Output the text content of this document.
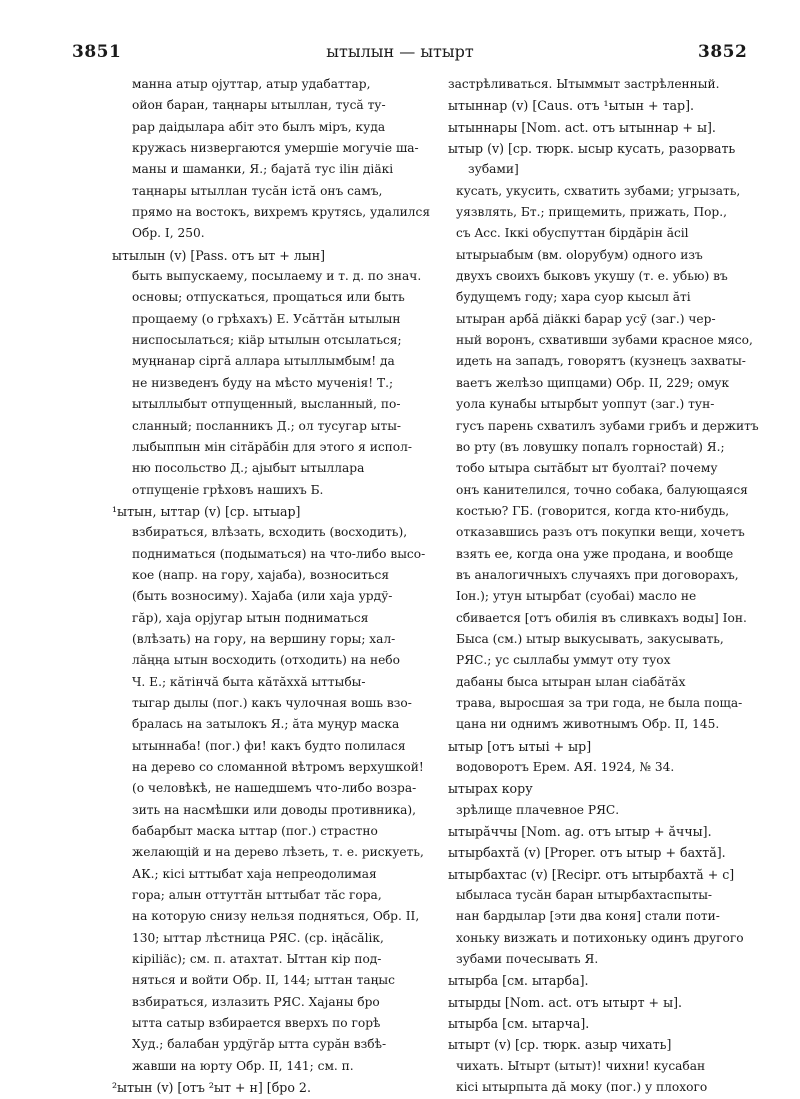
3851	ытылын — ытырт	3852
манна атыр ојуттар, атыр удабаттар,
ойон баран, таңнары ытыллан, тусă ту-
рар даідылара абіт это былъ міръ, куда
кружась низвергаются умершіе могучіе ша-
маны и шаманки, Я.; бајатă тус іlін діäкі
таңнары ытыллан тусăн істă онъ самъ,
прямо на востокъ, вихремъ крутясь, удалился
Обр. I, 250.
ытылын (v) [Pass. отъ ыт + лын]
быть выпускаему, посылаему и т. д. по знач.
основы; отпускаться, прощаться или быть
прощаему (о грѣхахъ) Е. Усăттăн ытылын
ниспосылаться; кіäр ытылын отсылаться;
муңнанар сіргă аллара ытыллымбым! да
не низведенъ буду на мѣсто мученія! Т.;
ытыллыбыт отпущенный, высланный, по-
сланный; посланникъ Д.; ол тусугар ыты-
лыбыппын мін сітăрăбін для этого я испол-
ню посольство Д.; ајыбыт ытыллара
отпущеніе грѣховъ нашихъ Б.
¹ытын, ыттар (v) [ср. ытыар]
взбираться, влѣзать, всходить (восходить),
подниматься (подыматься) на что-либо высо-
кое (напр. на гору, хајаба), возноситься
(быть возносиму). Хајаба (или хаја урдў-
гăр), хаја орјугар ытын подниматься
(влѣзать) на гору, на вершину горы; хал-
лăңңа ытын восходить (отходить) на небо
Ч. Е.; кăтінчă быта кăтăххă ыттыбы-
тыгар дылы (пог.) какъ чулочная вошь взо-
бралась на затылокъ Я.; ăта муңур маска
ытыннаба! (пог.) фи! какъ будто полилася
на дерево со сломанной вѣтромъ верхушкой!
(о человѣкѣ, не нашедшемъ что-либо возра-
зить на насмѣшки или доводы противника),
бабарбыт маска ыттар (пог.) страстно
желающій и на дерево лѣзеть, т. е. рискуеть,
АК.; кісі ыттыбат хаја непреодолимая
гора; алын оттуттăн ыттыбат тăс гора,
на которую снизу нельзя подняться, Обр. II,
130; ыттар лѣстница РЯС. (ср. іңăсălік,
кіріlіäс); см. п. атахтат. Ыттан кір под-
няться и войти Обр. II, 144; ыттан таңыс
взбираться, излазить РЯС. Хајаны бро
ытта сатыр взбирается вверхъ по горѣ
Худ.; балабан урдўгăр ытта сурăн взбѣ-
жавши на юрту Обр. II, 141; см. п.
²ытын (v) [отъ ²ыт + н] [бро 2.
застрѣливаться. Ытыммыт застрѣленный.
ытыннар (v) [Caus. отъ ¹ытын + тар].
ытыннары [Nom. act. отъ ытыннар + ы].
ытыр (v) [ср. тюрк. ысыр кусать, разорвать
зубами]
кусать, укусить, схватить зубами; угрызать,
уязвлять, Бт.; прищемить, прижать, Пор.,
съ Acc. Іккі обуспуттан бірдăрін ăсіl
ытырыабым (вм. оlорубум) одного изъ
двухъ своихъ быковъ укушу (т. е. убью) въ
будущемъ году; хара суор кысыл ăті
ытыран арбă діäккі барар усў (заг.) чер-
ный воронъ, схвативши зубами красное мясо,
идеть на западъ, говорятъ (кузнецъ захваты-
ваетъ желѣзо щипцами) Обр. II, 229; омук
уола кунабы ытырбыт уоппут (заг.) тун-
гусъ парень схватилъ зубами грибъ и держитъ
во рту (въ ловушку попалъ горностай) Я.;
тобо ытыра сытăбыт ыт буолтаі? почему
онъ канителился, точно собака, балующаяся
костью? ГБ. (говорится, когда кто-нибудь,
отказавшись разъ отъ покупки вещи, хочетъ
взять ее, когда она уже продана, и вообще
въ аналогичныхъ случаяхъ при договорахъ,
Іон.); утун ытырбат (суобаі) масло не
сбивается [отъ обилія въ сливкахъ воды] Іон.
Быса (см.) ытыр выкусывать, закусывать,
РЯС.; ус сыллабы уммут оту туох
дабаны быса ытыран ылан сіабăтăх
трава, выросшая за три года, не была поща-
цана ни однимъ животнымъ Обр. II, 145.
ытыр [отъ ытыі + ыр]
водоворотъ Ерем. АЯ. 1924, № 34.
ытырах кору
зрѣлище плачевное РЯС.
ытырăччы [Nom. ag. отъ ытыр + ăччы].
ытырбахтă (v) [Proper. отъ ытыр + бахтă].
ытырбахтас (v) [Recipr. отъ ытырбахтă + с]
ыбыласа тусăн баран ытырбахтаспыты-
нан бардылар [эти два коня] стали поти-
хоньку визжать и потихоньку одинъ другого
зубами почесывать Я.
ытырба [см. ытарба].
ытырды [Nom. act. отъ ытырт + ы].
ытырба [см. ытарча].
ытырт (v) [ср. тюрк. азыр чихать]
чихать. Ытырт (ытыт)! чихни! кусабан
кісі ытырпыта дă моку (пог.) у плохого
